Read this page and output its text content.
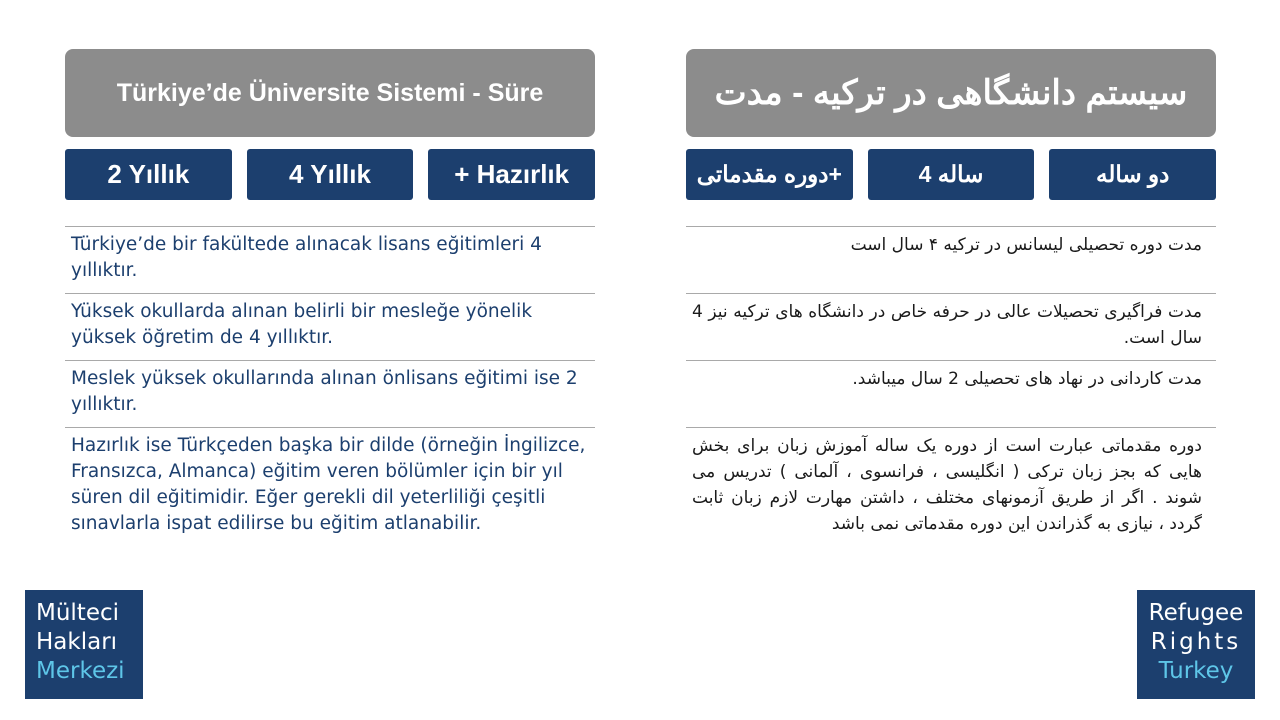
Türkiye’de Üniversite Sistemi - Süre
2 Yıllık	4 Yıllık	+ Hazırlık
Türkiye’de bir fakültede alınacak lisans eğitimleri 4 yıllıktır.
Yüksek okullarda alınan belirli bir mesleğe yönelik yüksek öğretim de 4 yıllıktır.
Meslek yüksek okullarında alınan önlisans eğitimi ise 2 yıllıktır.
Hazırlık ise Türkçeden başka bir dilde (örneğin İngilizce, Fransızca, Almanca) eğitim veren bölümler için bir yıl süren dil eğitimidir. Eğer gerekli dil yeterliliği çeşitli sınavlarla ispat edilirse bu eğitim atlanabilir.
سیستم دانشگاهی در ترکیه - مدت
دوره مقدماتی+	4 ساله	دو ساله
مدت دوره تحصیلی لیسانس در ترکیه ۴ سال است
مدت فراگیری تحصیلات عالی در حرفه خاص در دانشگاه های ترکیه نیز 4 سال است.
مدت کاردانی در نهاد های تحصیلی 2 سال میباشد.
دوره مقدماتی عبارت است از دوره یک ساله آموزش زبان برای بخش هایی که بجز زبان ترکی ( انگلیسی ، فرانسوی ، آلمانی ) تدریس می شوند . اگر از طریق آزمونهای مختلف ، داشتن مهارت لازم زبان ثابت گردد ، نیازی به گذراندن این دوره مقدماتی نمی باشد
Mülteci
Hakları
Merkezi
Refugee
Rights
Turkey
